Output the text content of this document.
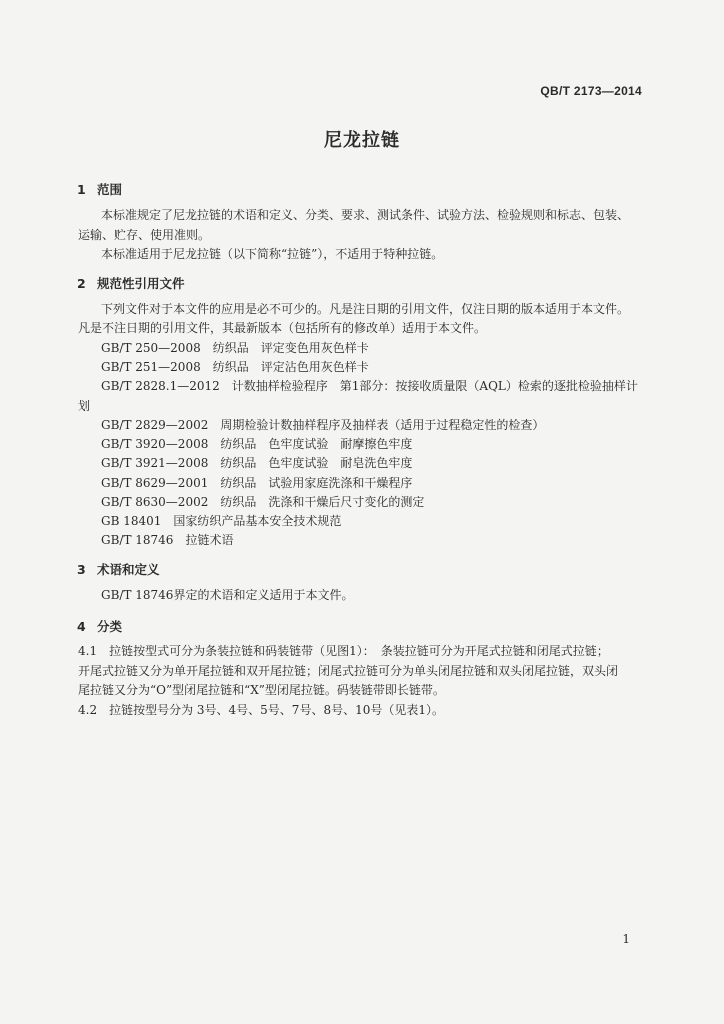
QB/T 2173—2014
尼龙拉链
1 范围
本标准规定了尼龙拉链的术语和定义、分类、要求、测试条件、试验方法、检验规则和标志、包装、
运输、贮存、使用准则。
本标准适用于尼龙拉链（以下简称“拉链”），不适用于特种拉链。
2 规范性引用文件
下列文件对于本文件的应用是必不可少的。凡是注日期的引用文件，仅注日期的版本适用于本文件。
凡是不注日期的引用文件，其最新版本（包括所有的修改单）适用于本文件。
GB/T 250—2008　纺织品　评定变色用灰色样卡
GB/T 251—2008　纺织品　评定沾色用灰色样卡
GB/T 2828.1—2012　计数抽样检验程序　第1部分：按接收质量限（AQL）检索的逐批检验抽样计
划
GB/T 2829—2002　周期检验计数抽样程序及抽样表（适用于过程稳定性的检查）
GB/T 3920—2008　纺织品　色牢度试验　耐摩擦色牢度
GB/T 3921—2008　纺织品　色牢度试验　耐皂洗色牢度
GB/T 8629—2001　纺织品　试验用家庭洗涤和干燥程序
GB/T 8630—2002　纺织品　洗涤和干燥后尺寸变化的测定
GB 18401　国家纺织产品基本安全技术规范
GB/T 18746　拉链术语
3 术语和定义
GB/T 18746界定的术语和定义适用于本文件。
4 分类
4.1　拉链按型式可分为条装拉链和码装链带（见图1）：　条装拉链可分为开尾式拉链和闭尾式拉链；
开尾式拉链又分为单开尾拉链和双开尾拉链；闭尾式拉链可分为单头闭尾拉链和双头闭尾拉链，双头闭
尾拉链又分为“O”型闭尾拉链和“X”型闭尾拉链。码装链带即长链带。
4.2　拉链按型号分为 3号、4号、5号、7号、8号、10号（见表1）。
1
